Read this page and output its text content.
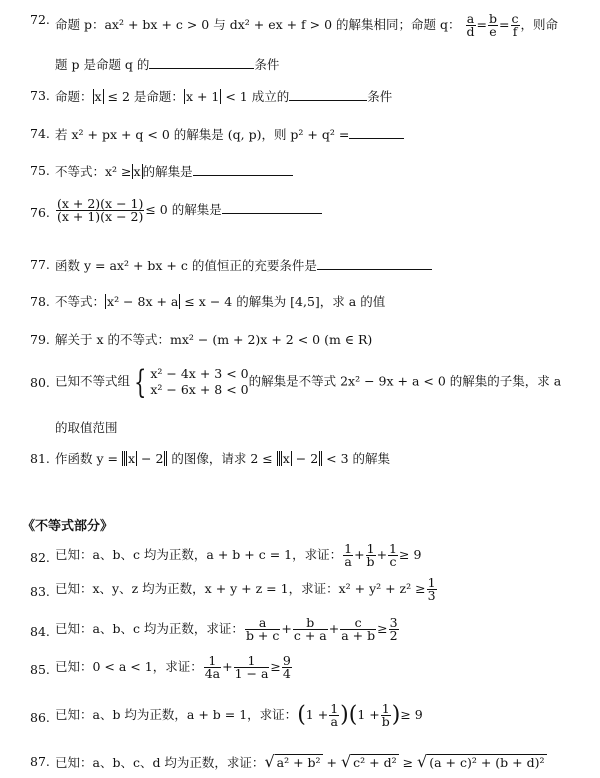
72. 命题 p：ax² + bx + c > 0 与 dx² + ex + f > 0 的解集相同；命题 q： $\frac{a}{d} = \frac{b}{e} = \frac{c}{f}$ ，则命
题 p 是命题 q 的	条件
73. 命题： x ≤ 2 是命题： x + 1 < 1 成立的	条件
74. 若 x² + px + q < 0 的解集是 (q, p)，则 p² + q² =
75. 不等式：x² ≥ x 的解集是
76. $\frac{(x + 2)(x - 1)}{(x + 1)(x - 2)} \le 0$ 的解集是
77. 函数 y = ax² + bx + c 的值恒正的充要条件是
78. 不等式： x² − 8x + a ≤ x − 4 的解集为 [4,5]，求 a 的值
79. 解关于 x 的不等式：mx² − (m + 2)x + 2 < 0 (m ∈ R)
80. 已知不等式组 { x² − 4x + 3 < 0
x² − 6x + 8 < 0的解集是不等式 2x² − 9x + a < 0 的解集的子集，求 a
的取值范围
81. 作函数 y = x − 2 的图像，请求 2 ≤ x − 2 < 3 的解集
《不等式部分》
82. 已知：a、b、c 均为正数，a + b + c = 1，求证： $\frac{1}{a} + \frac{1}{b} + \frac{1}{c} \ge 9$
83. 已知：x、y、z 均为正数，x + y + z = 1，求证：$x^2 + y^2 + z^2 \ge \frac{1}{3}$
84. 已知：a、b、c 均为正数，求证： $\frac{a}{b + c} + \frac{b}{c + a} + \frac{c}{a + b} \ge \frac{3}{2}$
85. 已知：0 < a < 1，求证： $\frac{1}{4a} + \frac{1}{1 - a} \ge \frac{9}{4}$
86. 已知：a、b 均为正数，a + b = 1，求证：$(1 + \frac{1}{a} )(1 + \frac{1}{b}$ )≥ 9
87. 已知：a、b、c、d 均为正数，求证：√ a² + b² + √ c² + d² ≥ √ (a + c)² + (b + d)²
